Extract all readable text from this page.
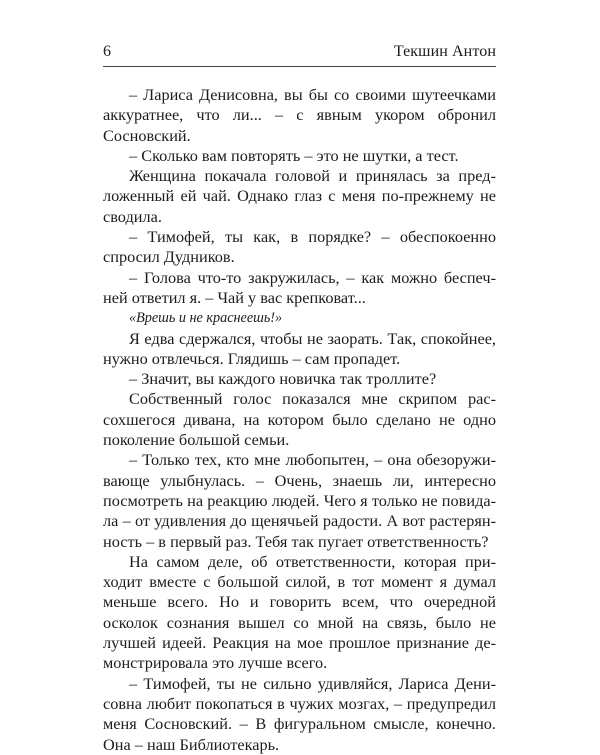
6	Текшин Антон

– Лариса Денисовна, вы бы со своими шутеечками аккуратнее, что ли... – с явным укором обронил Сосновский.

– Сколько вам повторять – это не шутки, а тест.

Женщина покачала головой и принялась за предложенный ей чай. Однако глаз с меня по-прежнему не сводила.

– Тимофей, ты как, в порядке? – обеспокоенно спросил Дудников.

– Голова что-то закружилась, – как можно беспечней ответил я. – Чай у вас крепковат...

«Врешь и не краснеешь!»

Я едва сдержался, чтобы не заорать. Так, спокойнее, нужно отвлечься. Глядишь – сам пропадет.

– Значит, вы каждого новичка так троллите?

Собственный голос показался мне скрипом рассохшегося дивана, на котором было сделано не одно поколение большой семьи.

– Только тех, кто мне любопытен, – она обезоруживающе улыбнулась. – Очень, знаешь ли, интересно посмотреть на реакцию людей. Чего я только не повидала – от удивления до щенячьей радости. А вот растерянность – в первый раз. Тебя так пугает ответственность?

На самом деле, об ответственности, которая приходит вместе с большой силой, в тот момент я думал меньше всего. Но и говорить всем, что очередной осколок сознания вышел со мной на связь, было не лучшей идеей. Реакция на мое прошлое признание демонстрировала это лучше всего.

– Тимофей, ты не сильно удивляйся, Лариса Денисовна любит покопаться в чужих мозгах, – предупредил меня Сосновский. – В фигуральном смысле, конечно. Она – наш Библиотекарь.
